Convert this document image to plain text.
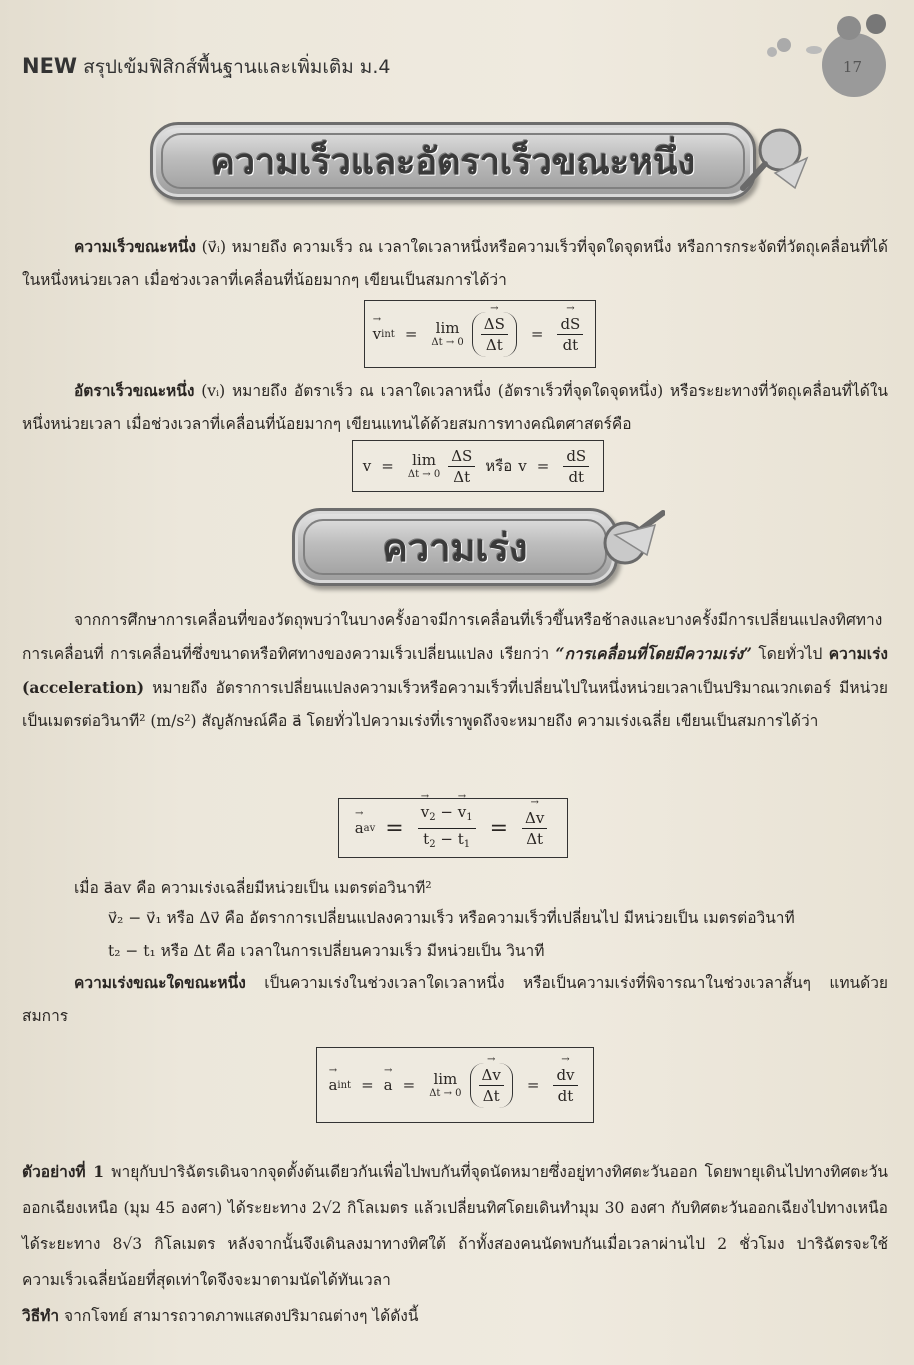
NEW สรุปเข้มฟิสิกส์พื้นฐานและเพิ่มเติม ม.4	17
ความเร็วและอัตราเร็วขณะหนึ่ง

ความเร็วขณะหนึ่ง (v⃗ᵢ) หมายถึง ความเร็ว ณ เวลาใดเวลาหนึ่งหรือความเร็วที่จุดใดจุดหนึ่ง หรือการกระจัดที่วัตถุเคลื่อนที่ได้ในหนึ่งหน่วยเวลา เมื่อช่วงเวลาที่เคลื่อนที่น้อยมากๆ เขียนเป็นสมการได้ว่า

→ v int = lim
Δt → 0
→ $\frac{\Delta S}{\Delta t}$ =
→ $\frac{dS}{dt}$

อัตราเร็วขณะหนึ่ง (vᵢ) หมายถึง อัตราเร็ว ณ เวลาใดเวลาหนึ่ง (อัตราเร็วที่จุดใดจุดหนึ่ง) หรือระยะทางที่วัตถุเคลื่อนที่ได้ในหนึ่งหน่วยเวลา เมื่อช่วงเวลาที่เคลื่อนที่น้อยมากๆ เขียนแทนได้ด้วยสมการทางคณิตศาสตร์คือ

v = lim
$\Delta t \to 0 \frac{\Delta S}{\Delta t}$ หรือ $v = \frac{dS}{dt}$
ความเร่ง

จากการศึกษาการเคลื่อนที่ของวัตถุพบว่าในบางครั้งอาจมีการเคลื่อนที่เร็วขึ้นหรือช้าลงและบางครั้งมีการเปลี่ยนแปลงทิศทางการเคลื่อนที่ การเคลื่อนที่ซึ่งขนาดหรือทิศทางของความเร็วเปลี่ยนแปลง เรียกว่า “การเคลื่อนที่โดยมีความเร่ง” โดยทั่วไป ความเร่ง (acceleration) หมายถึง อัตราการเปลี่ยนแปลงความเร็วหรือความเร็วที่เปลี่ยนไปในหนึ่งหน่วยเวลาเป็นปริมาณเวกเตอร์ มีหน่วยเป็นเมตรต่อวินาที² (m/s²) สัญลักษณ์คือ a⃗ โดยทั่วไปความเร่งที่เราพูดถึงจะหมายถึง ความเร่งเฉลี่ย เขียนเป็นสมการได้ว่า

→ a av =
→ $\frac{v_2 - \to v_1}{t_2 - t_1}$ =
→ $\frac{\Delta v}{\Delta t}$
เมื่อ a⃗av คือ ความเร่งเฉลี่ยมีหน่วยเป็น เมตรต่อวินาที²
v⃗₂ − v⃗₁ หรือ Δv⃗ คือ อัตราการเปลี่ยนแปลงความเร็ว หรือความเร็วที่เปลี่ยนไป มีหน่วยเป็น เมตรต่อวินาที
t₂ − t₁ หรือ Δt คือ เวลาในการเปลี่ยนความเร็ว มีหน่วยเป็น วินาที

ความเร่งขณะใดขณะหนึ่ง เป็นความเร่งในช่วงเวลาใดเวลาหนึ่ง หรือเป็นความเร่งที่พิจารณาในช่วงเวลาสั้นๆ แทนด้วยสมการ

→ a int =
→ a = lim
Δt → 0
→ $\frac{\Delta v}{\Delta t}$ =
→ $\frac{dv}{dt}$

ตัวอย่างที่ 1 พายุกับปาริฉัตรเดินจากจุดตั้งต้นเดียวกันเพื่อไปพบกันที่จุดนัดหมายซึ่งอยู่ทางทิศตะวันออก โดยพายุเดินไปทางทิศตะวันออกเฉียงเหนือ (มุม 45 องศา) ได้ระยะทาง 2√2 กิโลเมตร แล้วเปลี่ยนทิศโดยเดินทำมุม 30 องศา กับทิศตะวันออกเฉียงไปทางเหนือได้ระยะทาง 8√3 กิโลเมตร หลังจากนั้นจึงเดินลงมาทางทิศใต้ ถ้าทั้งสองคนนัดพบกันเมื่อเวลาผ่านไป 2 ชั่วโมง ปาริฉัตรจะใช้ความเร็วเฉลี่ยน้อยที่สุดเท่าใดจึงจะมาตามนัดได้ทันเวลา

วิธีทำ จากโจทย์ สามารถวาดภาพแสดงปริมาณต่างๆ ได้ดังนี้
